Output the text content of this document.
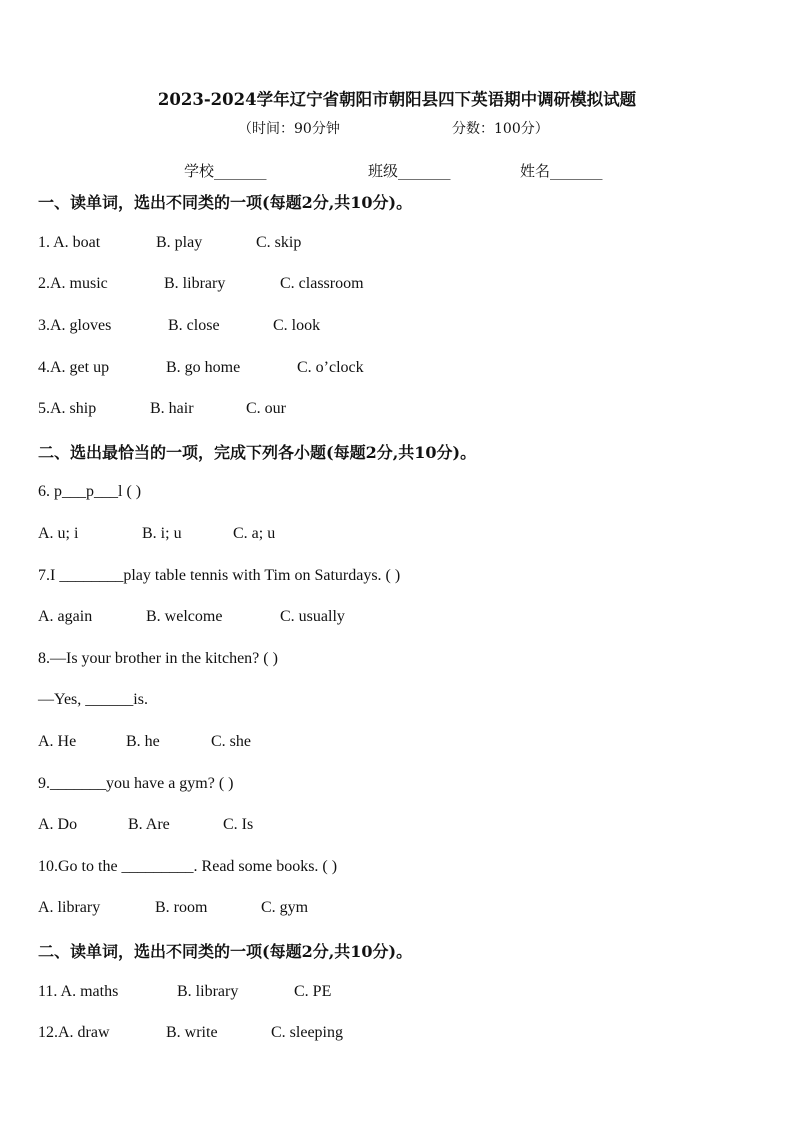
2023-2024学年辽宁省朝阳市朝阳县四下英语期中调研模拟试题
（时间：90分钟	分数：100分）
学校_______	班级_______	姓名_______
一、读单词，选出不同类的一项(每题2分,共10分)。
1. A. boat	B. play	C. skip
2.A. music	B. library	C. classroom
3.A. gloves	B. close	C. look
4.A. get up	B. go home	C. o’clock
5.A. ship	B. hair	C. our
二、选出最恰当的一项，完成下列各小题(每题2分,共10分)。
6. p___p___l ( )
A. u; i	B. i; u	C. a; u
7.I ________play table tennis with Tim on Saturdays. ( )
A. again	B. welcome	C. usually
8.—Is your brother in the kitchen? ( )
—Yes, ______is.
A. He	B. he	C. she
9._______you have a gym? ( )
A. Do	B. Are	C. Is
10.Go to the _________. Read some books. ( )
A. library	B. room	C. gym
二、读单词，选出不同类的一项(每题2分,共10分)。
11. A. maths	B. library	C. PE
12.A. draw	B. write	C. sleeping
